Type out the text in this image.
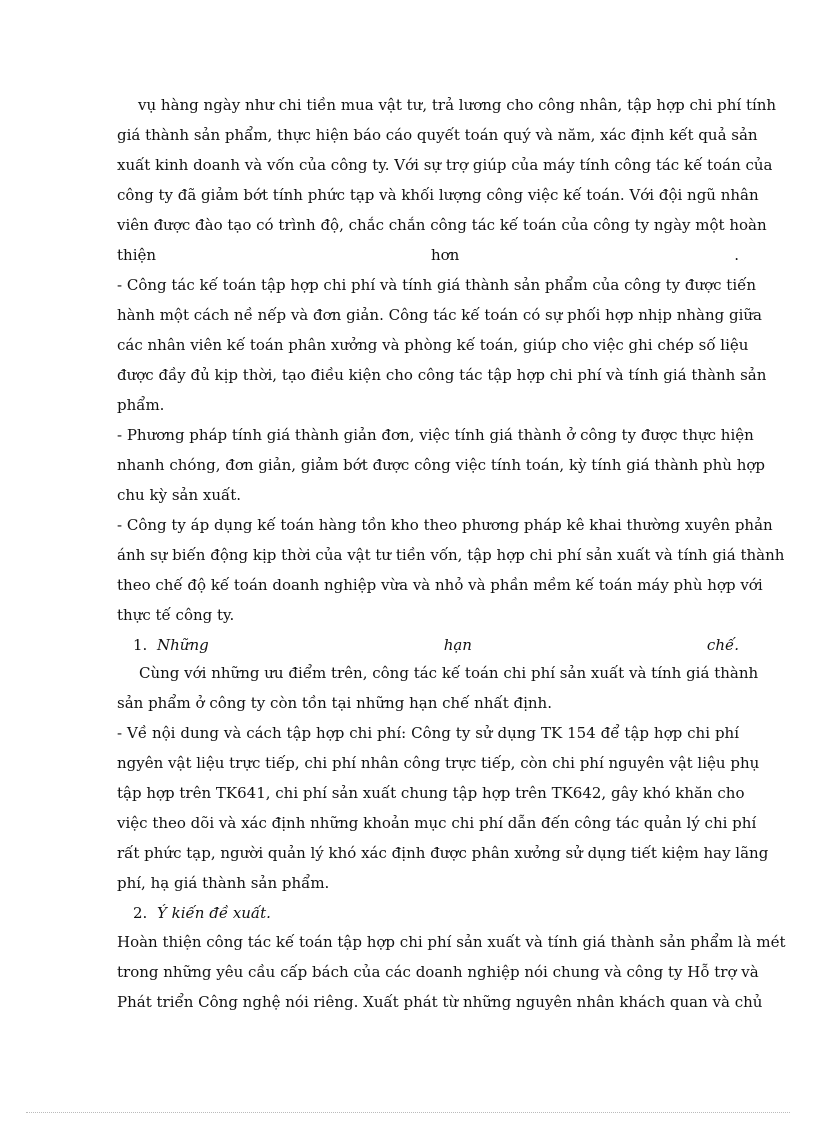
vụ hàng ngày như chi tiền mua vật tư, trả lương cho công nhân, tập hợp chi phí tính
giá thành sản phẩm, thực hiện báo cáo quyết toán quý và năm, xác định kết quả sản
xuất kinh doanh và vốn của công ty. Với sự trợ giúp của máy tính công tác kế toán của
công ty đã giảm bớt tính phức tạp và khối lượng công việc kế toán. Với đội ngũ nhân
viên được đào tạo có trình độ, chắc chắn công tác kế toán của công ty ngày một hoàn
thiện hơn .
- Công tác kế toán tập hợp chi phí và tính giá thành sản phẩm của công ty được tiến
hành một cách nề nếp và đơn giản. Công tác kế toán có sự phối hợp nhịp nhàng giữa
các nhân viên kế toán phân xưởng và phòng kế toán, giúp cho việc ghi chép số liệu
được đầy đủ kịp thời, tạo điều kiện cho công tác tập hợp chi phí và tính giá thành sản
phẩm.
- Phương pháp tính giá thành giản đơn, việc tính giá thành ở công ty được thực hiện
nhanh chóng, đơn giản, giảm bớt được công việc tính toán, kỳ tính giá thành phù hợp
chu kỳ sản xuất.
- Công ty áp dụng kế toán hàng tồn kho theo phương pháp kê khai thường xuyên phản
ánh sự biến động kịp thời của vật tư tiền vốn, tập hợp chi phí sản xuất và tính giá thành
theo chế độ kế toán doanh nghiệp vừa và nhỏ và phần mềm kế toán máy phù hợp với
thực tế công ty.
1. Những	hạn	chế.
Cùng với những ưu điểm trên, công tác kế toán chi phí sản xuất và tính giá thành
sản phẩm ở công ty còn tồn tại những hạn chế nhất định.
- Về nội dung và cách tập hợp chi phí: Công ty sử dụng TK 154 để tập hợp chi phí
ngyên vật liệu trực tiếp, chi phí nhân công trực tiếp, còn chi phí nguyên vật liệu phụ
tập hợp trên TK641, chi phí sản xuất chung tập hợp trên TK642, gây khó khăn cho
việc theo dõi và xác định những khoản mục chi phí dẫn đến công tác quản lý chi phí
rất phức tạp, người quản lý khó xác định được phân xưởng sử dụng tiết kiệm hay lãng
phí, hạ giá thành sản phẩm.
2. Ý kiến đề xuất.
Hoàn thiện công tác kế toán tập hợp chi phí sản xuất và tính giá thành sản phẩm là mét
trong những yêu cầu cấp bách của các doanh nghiệp nói chung và công ty Hỗ trợ và
Phát triển Công nghệ nói riêng. Xuất phát từ những nguyên nhân khách quan và chủ
